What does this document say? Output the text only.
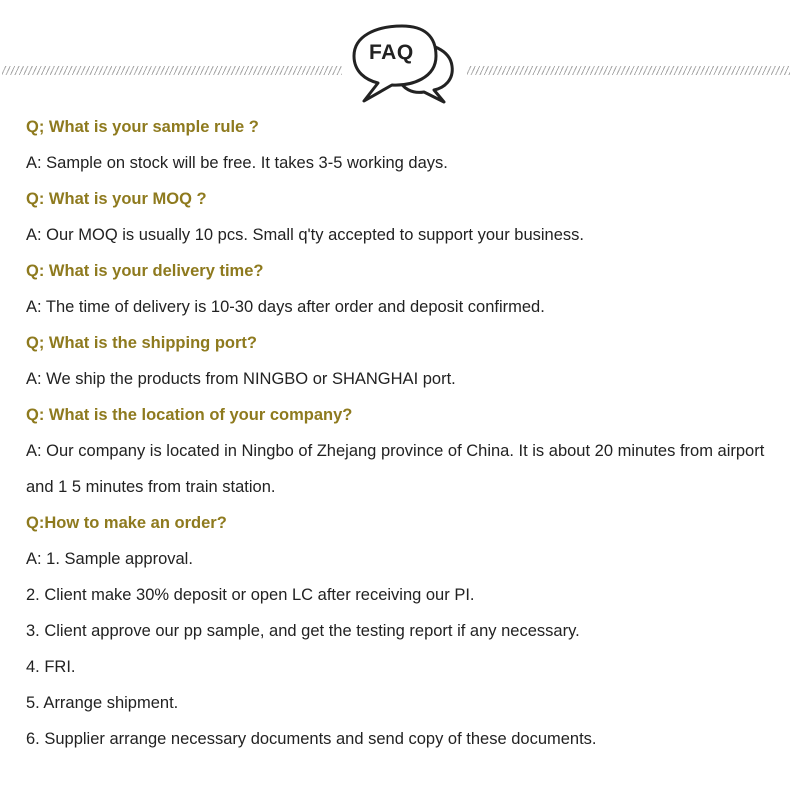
FAQ
Q; What is your sample rule ?
A: Sample on stock will be free. It takes 3-5 working days.
Q: What is your MOQ ?
A: Our MOQ is usually 10 pcs. Small q'ty accepted to support your business.
Q: What is your delivery time?
A: The time of delivery is 10-30 days after order and deposit confirmed.
Q; What is the shipping port?
A: We ship the products from NINGBO or SHANGHAI port.
Q: What is the location of your company?
A: Our company is located in Ningbo of Zhejang province of China. It is about 20 minutes from airport
and 1 5 minutes from train station.
Q:How to make an order?
A: 1. Sample approval.
2. Client make 30% deposit or open LC after receiving our PI.
3. Client approve our pp sample, and get the testing report if any necessary.
4. FRI.
5. Arrange shipment.
6. Supplier arrange necessary documents and send copy of these documents.
